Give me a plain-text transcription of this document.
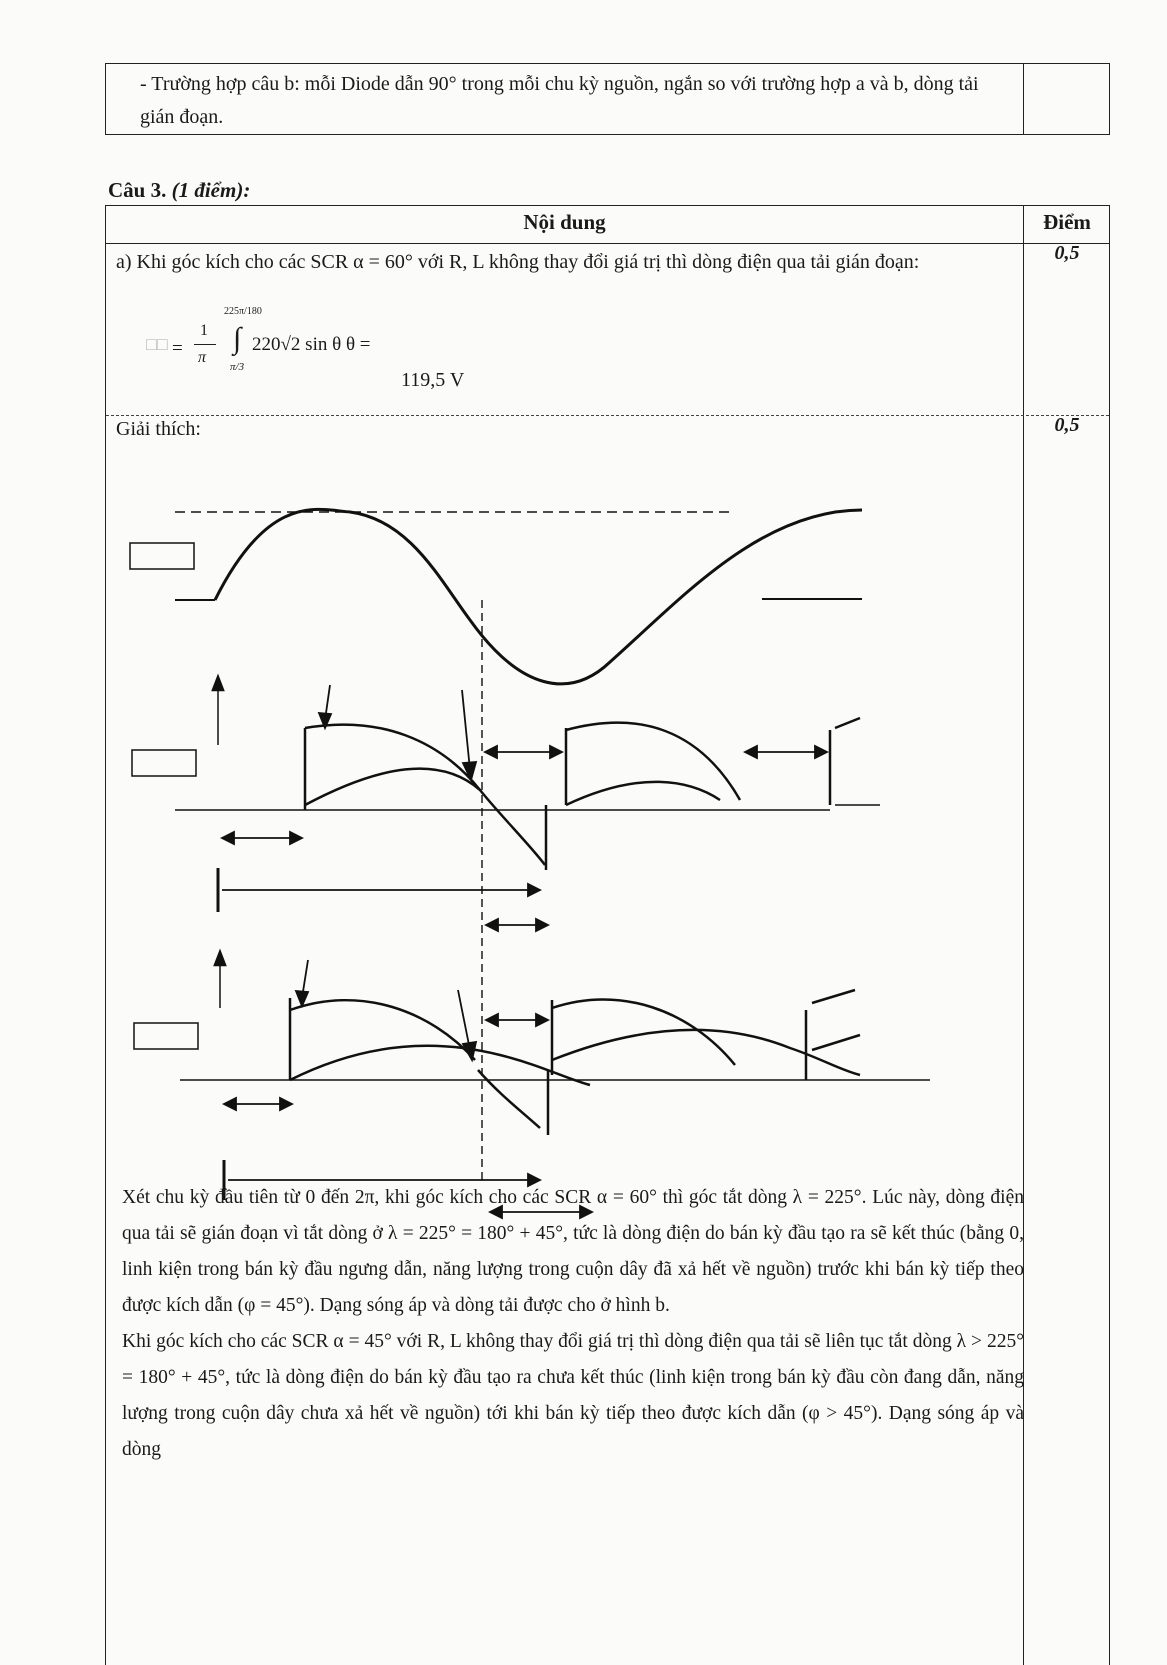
- Trường hợp câu b: mỗi Diode dẫn 90° trong mỗi chu kỳ nguồn, ngắn so với trường hợp a và b, dòng tải gián đoạn.
Câu 3. (1 điểm):
Nội dung	Điểm
a) Khi góc kích cho các SCR α = 60° với R, L không thay đổi giá trị thì dòng điện qua tải gián đoạn:	0,5
□□ =
1
π
225π/180
∫
π/3
220√2 sin θ θ =
119,5 V
Giải thích:	0,5

Xét chu kỳ đầu tiên từ 0 đến 2π, khi góc kích cho các SCR α = 60° thì góc tắt dòng λ = 225°. Lúc này, dòng điện qua tải sẽ gián đoạn vì tắt dòng ở λ = 225° = 180° + 45°, tức là dòng điện do bán kỳ đầu tạo ra sẽ kết thúc (bằng 0, linh kiện trong bán kỳ đầu ngưng dẫn, năng lượng trong cuộn dây đã xả hết về nguồn) trước khi bán kỳ tiếp theo được kích dẫn (φ = 45°). Dạng sóng áp và dòng tải được cho ở hình b.

Khi góc kích cho các SCR α = 45° với R, L không thay đổi giá trị thì dòng điện qua tải sẽ liên tục tắt dòng λ > 225° = 180° + 45°, tức là dòng điện do bán kỳ đầu tạo ra chưa kết thúc (linh kiện trong bán kỳ đầu còn đang dẫn, năng lượng trong cuộn dây chưa xả hết về nguồn) tới khi bán kỳ tiếp theo được kích dẫn (φ > 45°). Dạng sóng áp và dòng
